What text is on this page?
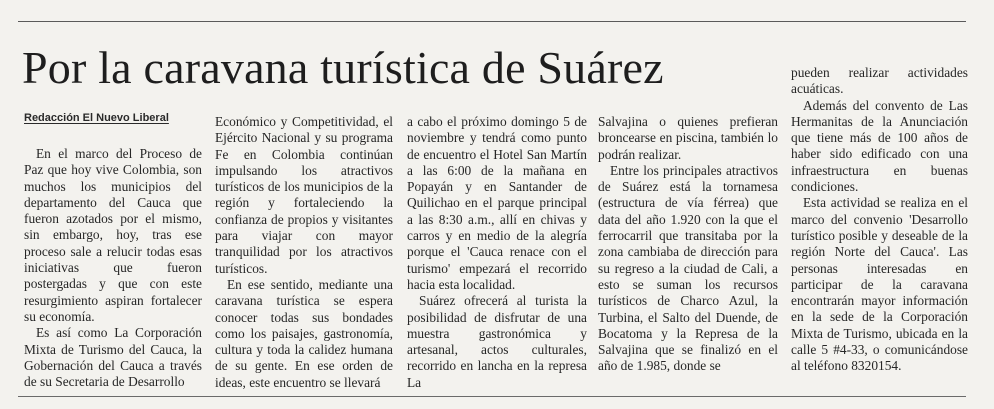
Por la caravana turística de Suárez
Redacción El Nuevo Liberal

En el marco del Proceso de Paz que hoy vive Colombia, son muchos los municipios del departamento del Cauca que fueron azotados por el mismo, sin embargo, hoy, tras ese proceso sale a relucir todas esas iniciativas que fueron postergadas y que con este resurgimiento aspiran fortalecer su economía.

Es así como La Corporación Mixta de Turismo del Cauca, la Gobernación del Cauca a través de su Secretaria de Desarrollo

Económico y Competitividad, el Ejército Nacional y su programa Fe en Colombia continúan impulsando los atractivos turísticos de los municipios de la región y fortaleciendo la confianza de propios y visitantes para viajar con mayor tranquilidad por los atractivos turísticos.

En ese sentido, mediante una caravana turística se espera conocer todas sus bondades como los paisajes, gastronomía, cultura y toda la calidez humana de su gente. En ese orden de ideas, este encuentro se llevará

a cabo el próximo domingo 5 de noviembre y tendrá como punto de encuentro el Hotel San Martín a las 6:00 de la mañana en Popayán y en Santander de Quilichao en el parque principal a las 8:30 a.m., allí en chivas y carros y en medio de la alegría porque el 'Cauca renace con el turismo' empezará el recorrido hacia esta localidad.

Suárez ofrecerá al turista la posibilidad de disfrutar de una muestra gastronómica y artesanal, actos culturales, recorrido en lancha en la represa La

Salvajina o quienes prefieran broncearse en piscina, también lo podrán realizar.

Entre los principales atractivos de Suárez está la tornamesa (estructura de vía férrea) que data del año 1.920 con la que el ferrocarril que transitaba por la zona cambiaba de dirección para su regreso a la ciudad de Cali, a esto se suman los recursos turísticos de Charco Azul, la Turbina, el Salto del Duende, de Bocatoma y la Represa de la Salvajina que se finalizó en el año de 1.985, donde se

pueden realizar actividades acuáticas.

Además del convento de Las Hermanitas de la Anunciación que tiene más de 100 años de haber sido edificado con una infraestructura en buenas condiciones.

Esta actividad se realiza en el marco del convenio 'Desarrollo turístico posible y deseable de la región Norte del Cauca'. Las personas interesadas en participar de la caravana encontrarán mayor información en la sede de la Corporación Mixta de Turismo, ubicada en la calle 5 #4-33, o comunicándose al teléfono 8320154.
